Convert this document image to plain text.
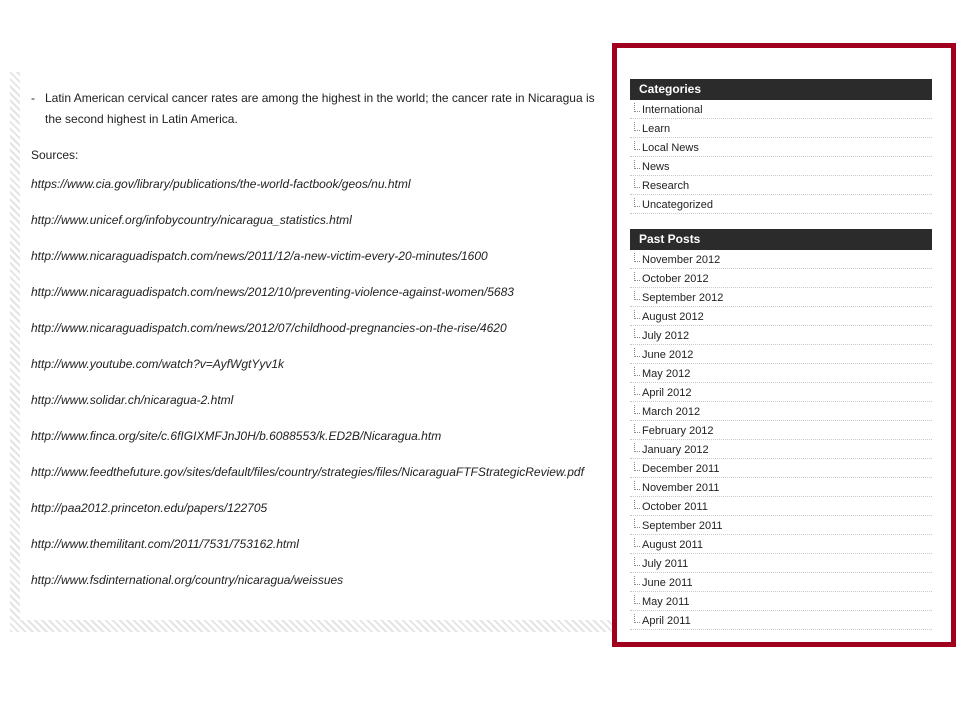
- Latin American cervical cancer rates are among the highest in the world; the cancer rate in Nicaragua is the second highest in Latin America.

Sources:

https://www.cia.gov/library/publications/the-world-factbook/geos/nu.html
http://www.unicef.org/infobycountry/nicaragua_statistics.html
http://www.nicaraguadispatch.com/news/2011/12/a-new-victim-every-20-minutes/1600
http://www.nicaraguadispatch.com/news/2012/10/preventing-violence-against-women/5683
http://www.nicaraguadispatch.com/news/2012/07/childhood-pregnancies-on-the-rise/4620
http://www.youtube.com/watch?v=AyfWgtYyv1k
http://www.solidar.ch/nicaragua-2.html
http://www.finca.org/site/c.6fIGIXMFJnJ0H/b.6088553/k.ED2B/Nicaragua.htm
http://www.feedthefuture.gov/sites/default/files/country/strategies/files/NicaraguaFTFStrategicReview.pdf
http://paa2012.princeton.edu/papers/122705
http://www.themilitant.com/2011/7531/753162.html
http://www.fsdinternational.org/country/nicaragua/weissues
Categories
International
Learn
Local News
News
Research
Uncategorized
Past Posts
November 2012
October 2012
September 2012
August 2012
July 2012
June 2012
May 2012
April 2012
March 2012
February 2012
January 2012
December 2011
November 2011
October 2011
September 2011
August 2011
July 2011
June 2011
May 2011
April 2011
